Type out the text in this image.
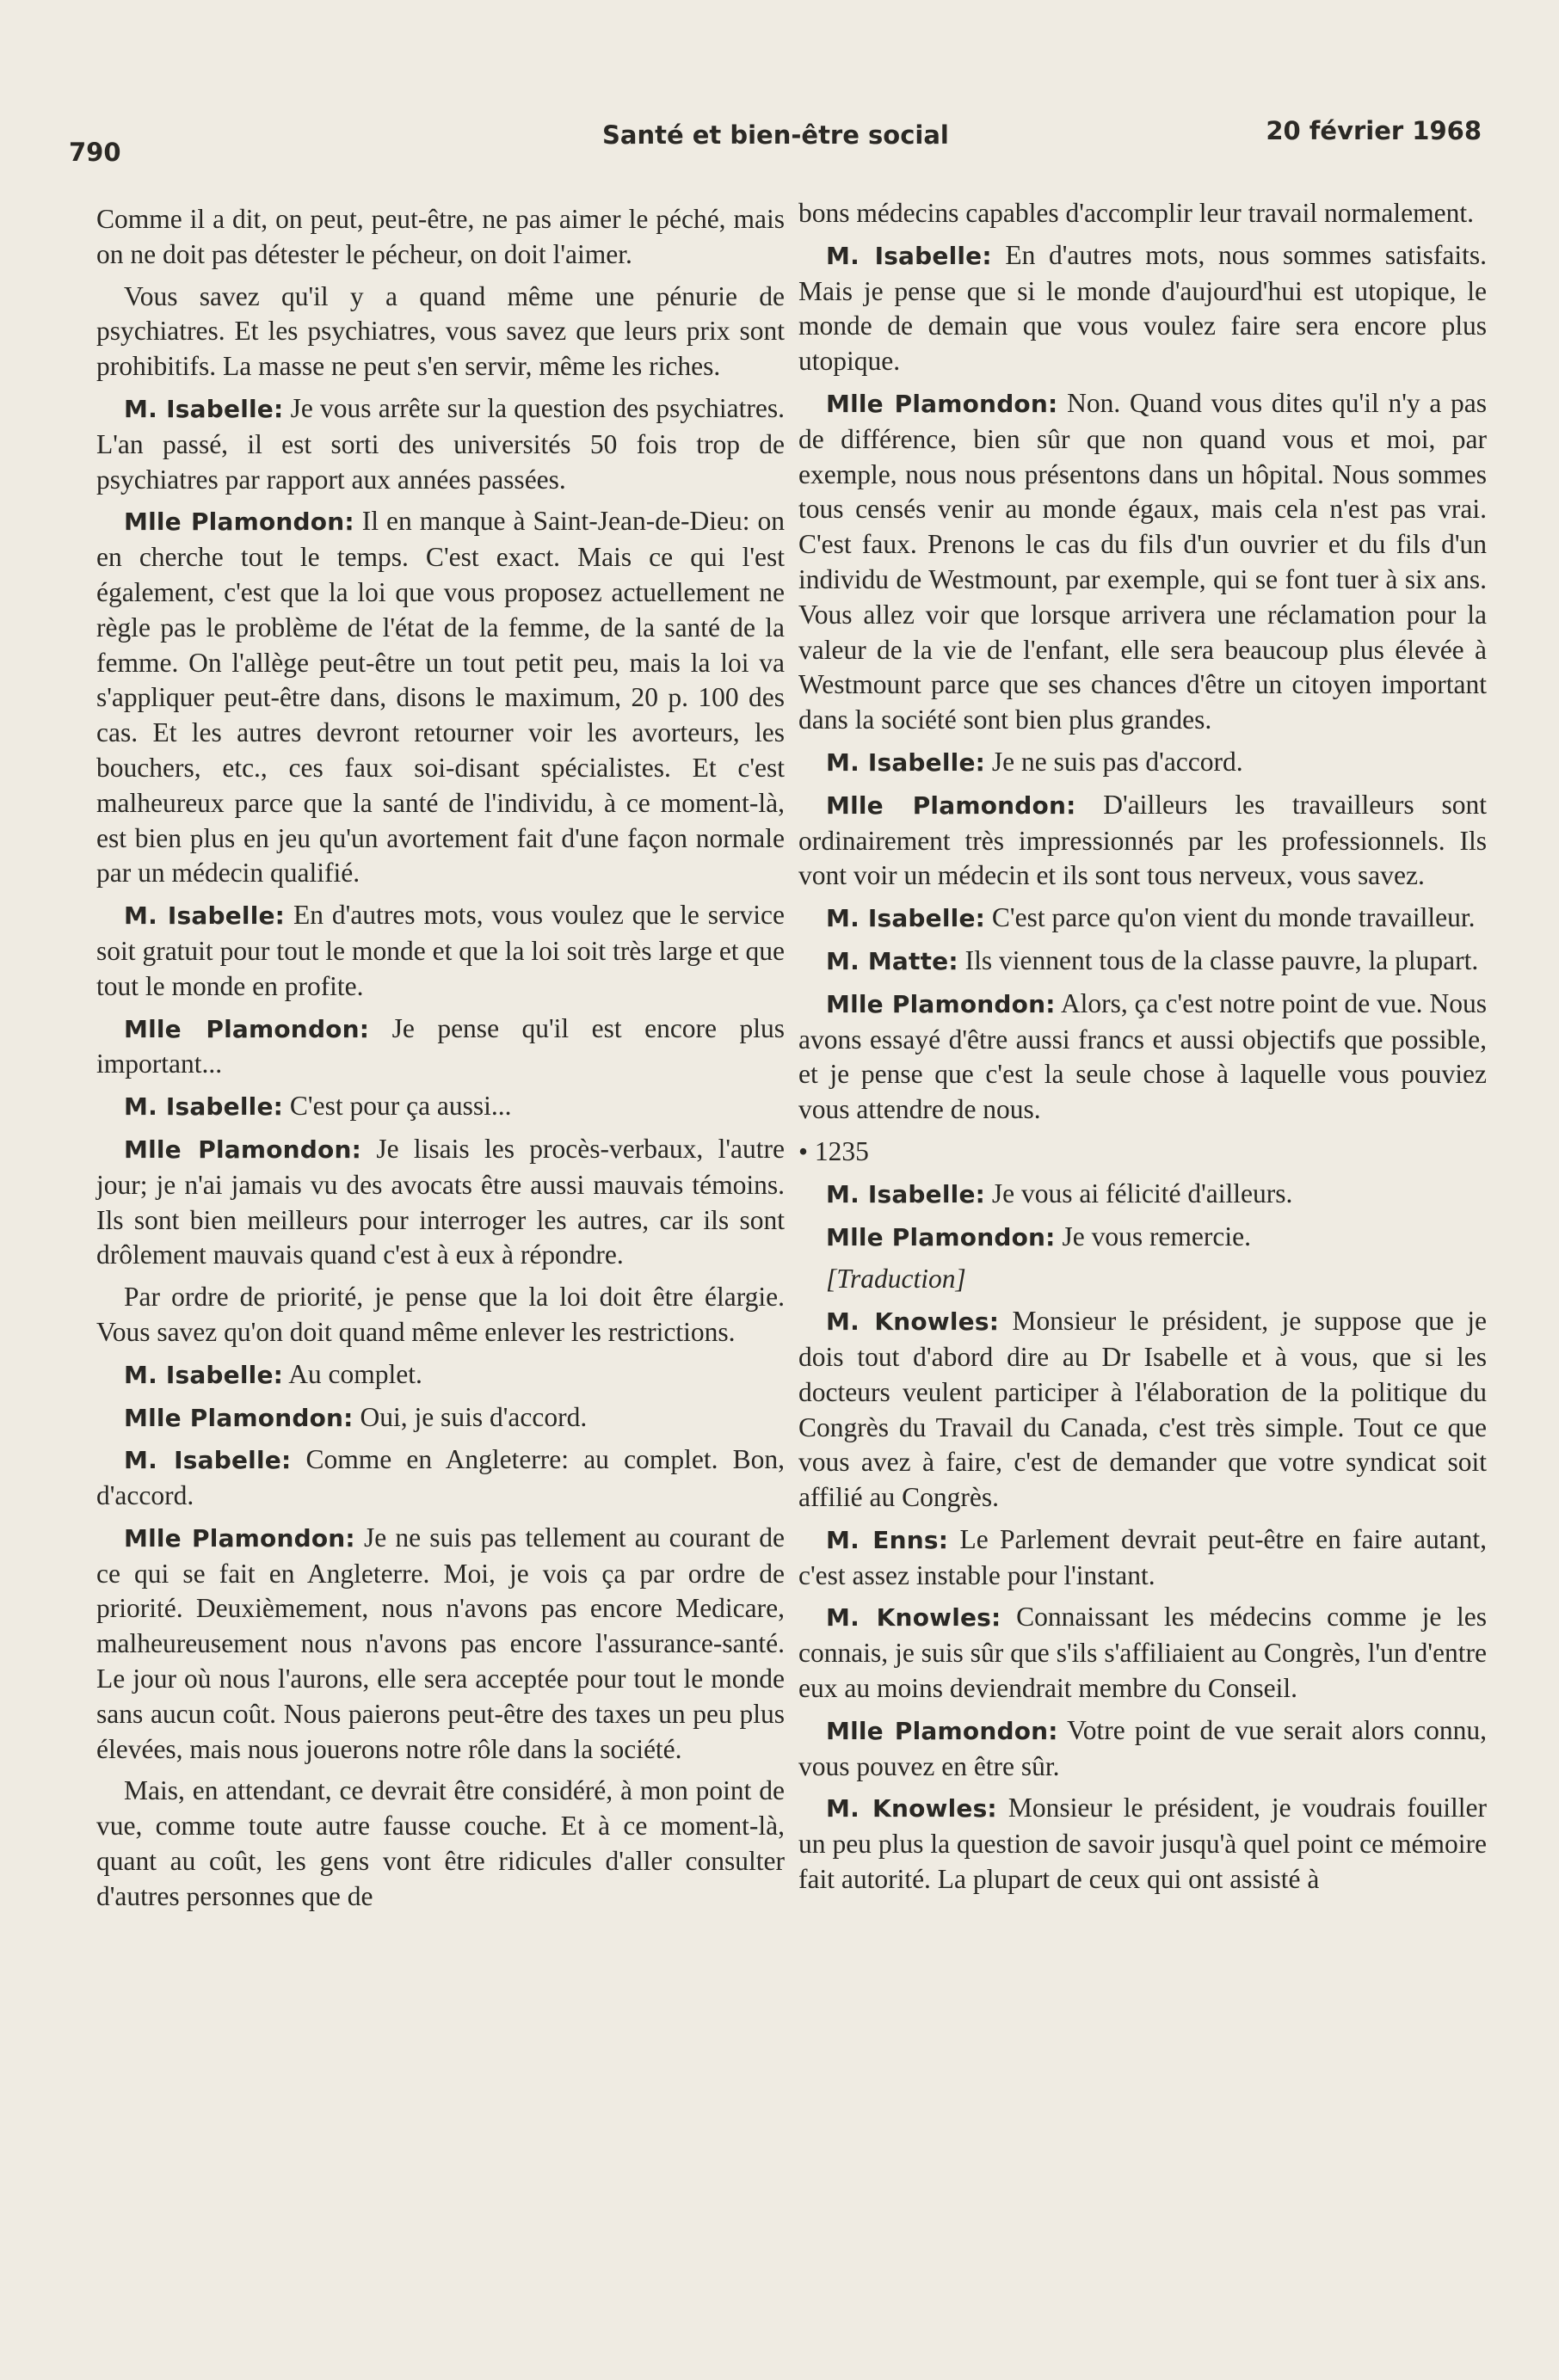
790
Santé et bien-être social	20 février 1968

Comme il a dit, on peut, peut-être, ne pas aimer le péché, mais on ne doit pas détester le pécheur, on doit l'aimer.

Vous savez qu'il y a quand même une pénurie de psychiatres. Et les psychiatres, vous savez que leurs prix sont prohibitifs. La masse ne peut s'en servir, même les riches.

M. Isabelle: Je vous arrête sur la question des psychiatres. L'an passé, il est sorti des universités 50 fois trop de psychiatres par rapport aux années passées.

Mlle Plamondon: Il en manque à Saint-Jean-de-Dieu: on en cherche tout le temps. C'est exact. Mais ce qui l'est également, c'est que la loi que vous proposez actuellement ne règle pas le problème de l'état de la femme, de la santé de la femme. On l'allège peut-être un tout petit peu, mais la loi va s'appliquer peut-être dans, disons le maximum, 20 p. 100 des cas. Et les autres devront retourner voir les avorteurs, les bouchers, etc., ces faux soi-disant spécialistes. Et c'est malheureux parce que la santé de l'individu, à ce moment-là, est bien plus en jeu qu'un avortement fait d'une façon normale par un médecin qualifié.

M. Isabelle: En d'autres mots, vous voulez que le service soit gratuit pour tout le monde et que la loi soit très large et que tout le monde en profite.

Mlle Plamondon: Je pense qu'il est encore plus important...

M. Isabelle: C'est pour ça aussi...

Mlle Plamondon: Je lisais les procès-verbaux, l'autre jour; je n'ai jamais vu des avocats être aussi mauvais témoins. Ils sont bien meilleurs pour interroger les autres, car ils sont drôlement mauvais quand c'est à eux à répondre.

Par ordre de priorité, je pense que la loi doit être élargie. Vous savez qu'on doit quand même enlever les restrictions.

M. Isabelle: Au complet.

Mlle Plamondon: Oui, je suis d'accord.

M. Isabelle: Comme en Angleterre: au complet. Bon, d'accord.

Mlle Plamondon: Je ne suis pas tellement au courant de ce qui se fait en Angleterre. Moi, je vois ça par ordre de priorité. Deuxièmement, nous n'avons pas encore Medicare, malheureusement nous n'avons pas encore l'assurance-santé. Le jour où nous l'aurons, elle sera acceptée pour tout le monde sans aucun coût. Nous paierons peut-être des taxes un peu plus élevées, mais nous jouerons notre rôle dans la société.

Mais, en attendant, ce devrait être considéré, à mon point de vue, comme toute autre fausse couche. Et à ce moment-là, quant au coût, les gens vont être ridicules d'aller consulter d'autres personnes que de

bons médecins capables d'accomplir leur travail normalement.

M. Isabelle: En d'autres mots, nous sommes satisfaits. Mais je pense que si le monde d'aujourd'hui est utopique, le monde de demain que vous voulez faire sera encore plus utopique.

Mlle Plamondon: Non. Quand vous dites qu'il n'y a pas de différence, bien sûr que non quand vous et moi, par exemple, nous nous présentons dans un hôpital. Nous sommes tous censés venir au monde égaux, mais cela n'est pas vrai. C'est faux. Prenons le cas du fils d'un ouvrier et du fils d'un individu de Westmount, par exemple, qui se font tuer à six ans. Vous allez voir que lorsque arrivera une réclamation pour la valeur de la vie de l'enfant, elle sera beaucoup plus élevée à Westmount parce que ses chances d'être un citoyen important dans la société sont bien plus grandes.

M. Isabelle: Je ne suis pas d'accord.

Mlle Plamondon: D'ailleurs les travailleurs sont ordinairement très impressionnés par les professionnels. Ils vont voir un médecin et ils sont tous nerveux, vous savez.

M. Isabelle: C'est parce qu'on vient du monde travailleur.

M. Matte: Ils viennent tous de la classe pauvre, la plupart.

Mlle Plamondon: Alors, ça c'est notre point de vue. Nous avons essayé d'être aussi francs et aussi objectifs que possible, et je pense que c'est la seule chose à laquelle vous pouviez vous attendre de nous.

• 1235

M. Isabelle: Je vous ai félicité d'ailleurs.

Mlle Plamondon: Je vous remercie.

[Traduction]

M. Knowles: Monsieur le président, je suppose que je dois tout d'abord dire au Dr Isabelle et à vous, que si les docteurs veulent participer à l'élaboration de la politique du Congrès du Travail du Canada, c'est très simple. Tout ce que vous avez à faire, c'est de demander que votre syndicat soit affilié au Congrès.

M. Enns: Le Parlement devrait peut-être en faire autant, c'est assez instable pour l'instant.

M. Knowles: Connaissant les médecins comme je les connais, je suis sûr que s'ils s'affiliaient au Congrès, l'un d'entre eux au moins deviendrait membre du Conseil.

Mlle Plamondon: Votre point de vue serait alors connu, vous pouvez en être sûr.

M. Knowles: Monsieur le président, je voudrais fouiller un peu plus la question de savoir jusqu'à quel point ce mémoire fait autorité. La plupart de ceux qui ont assisté à
